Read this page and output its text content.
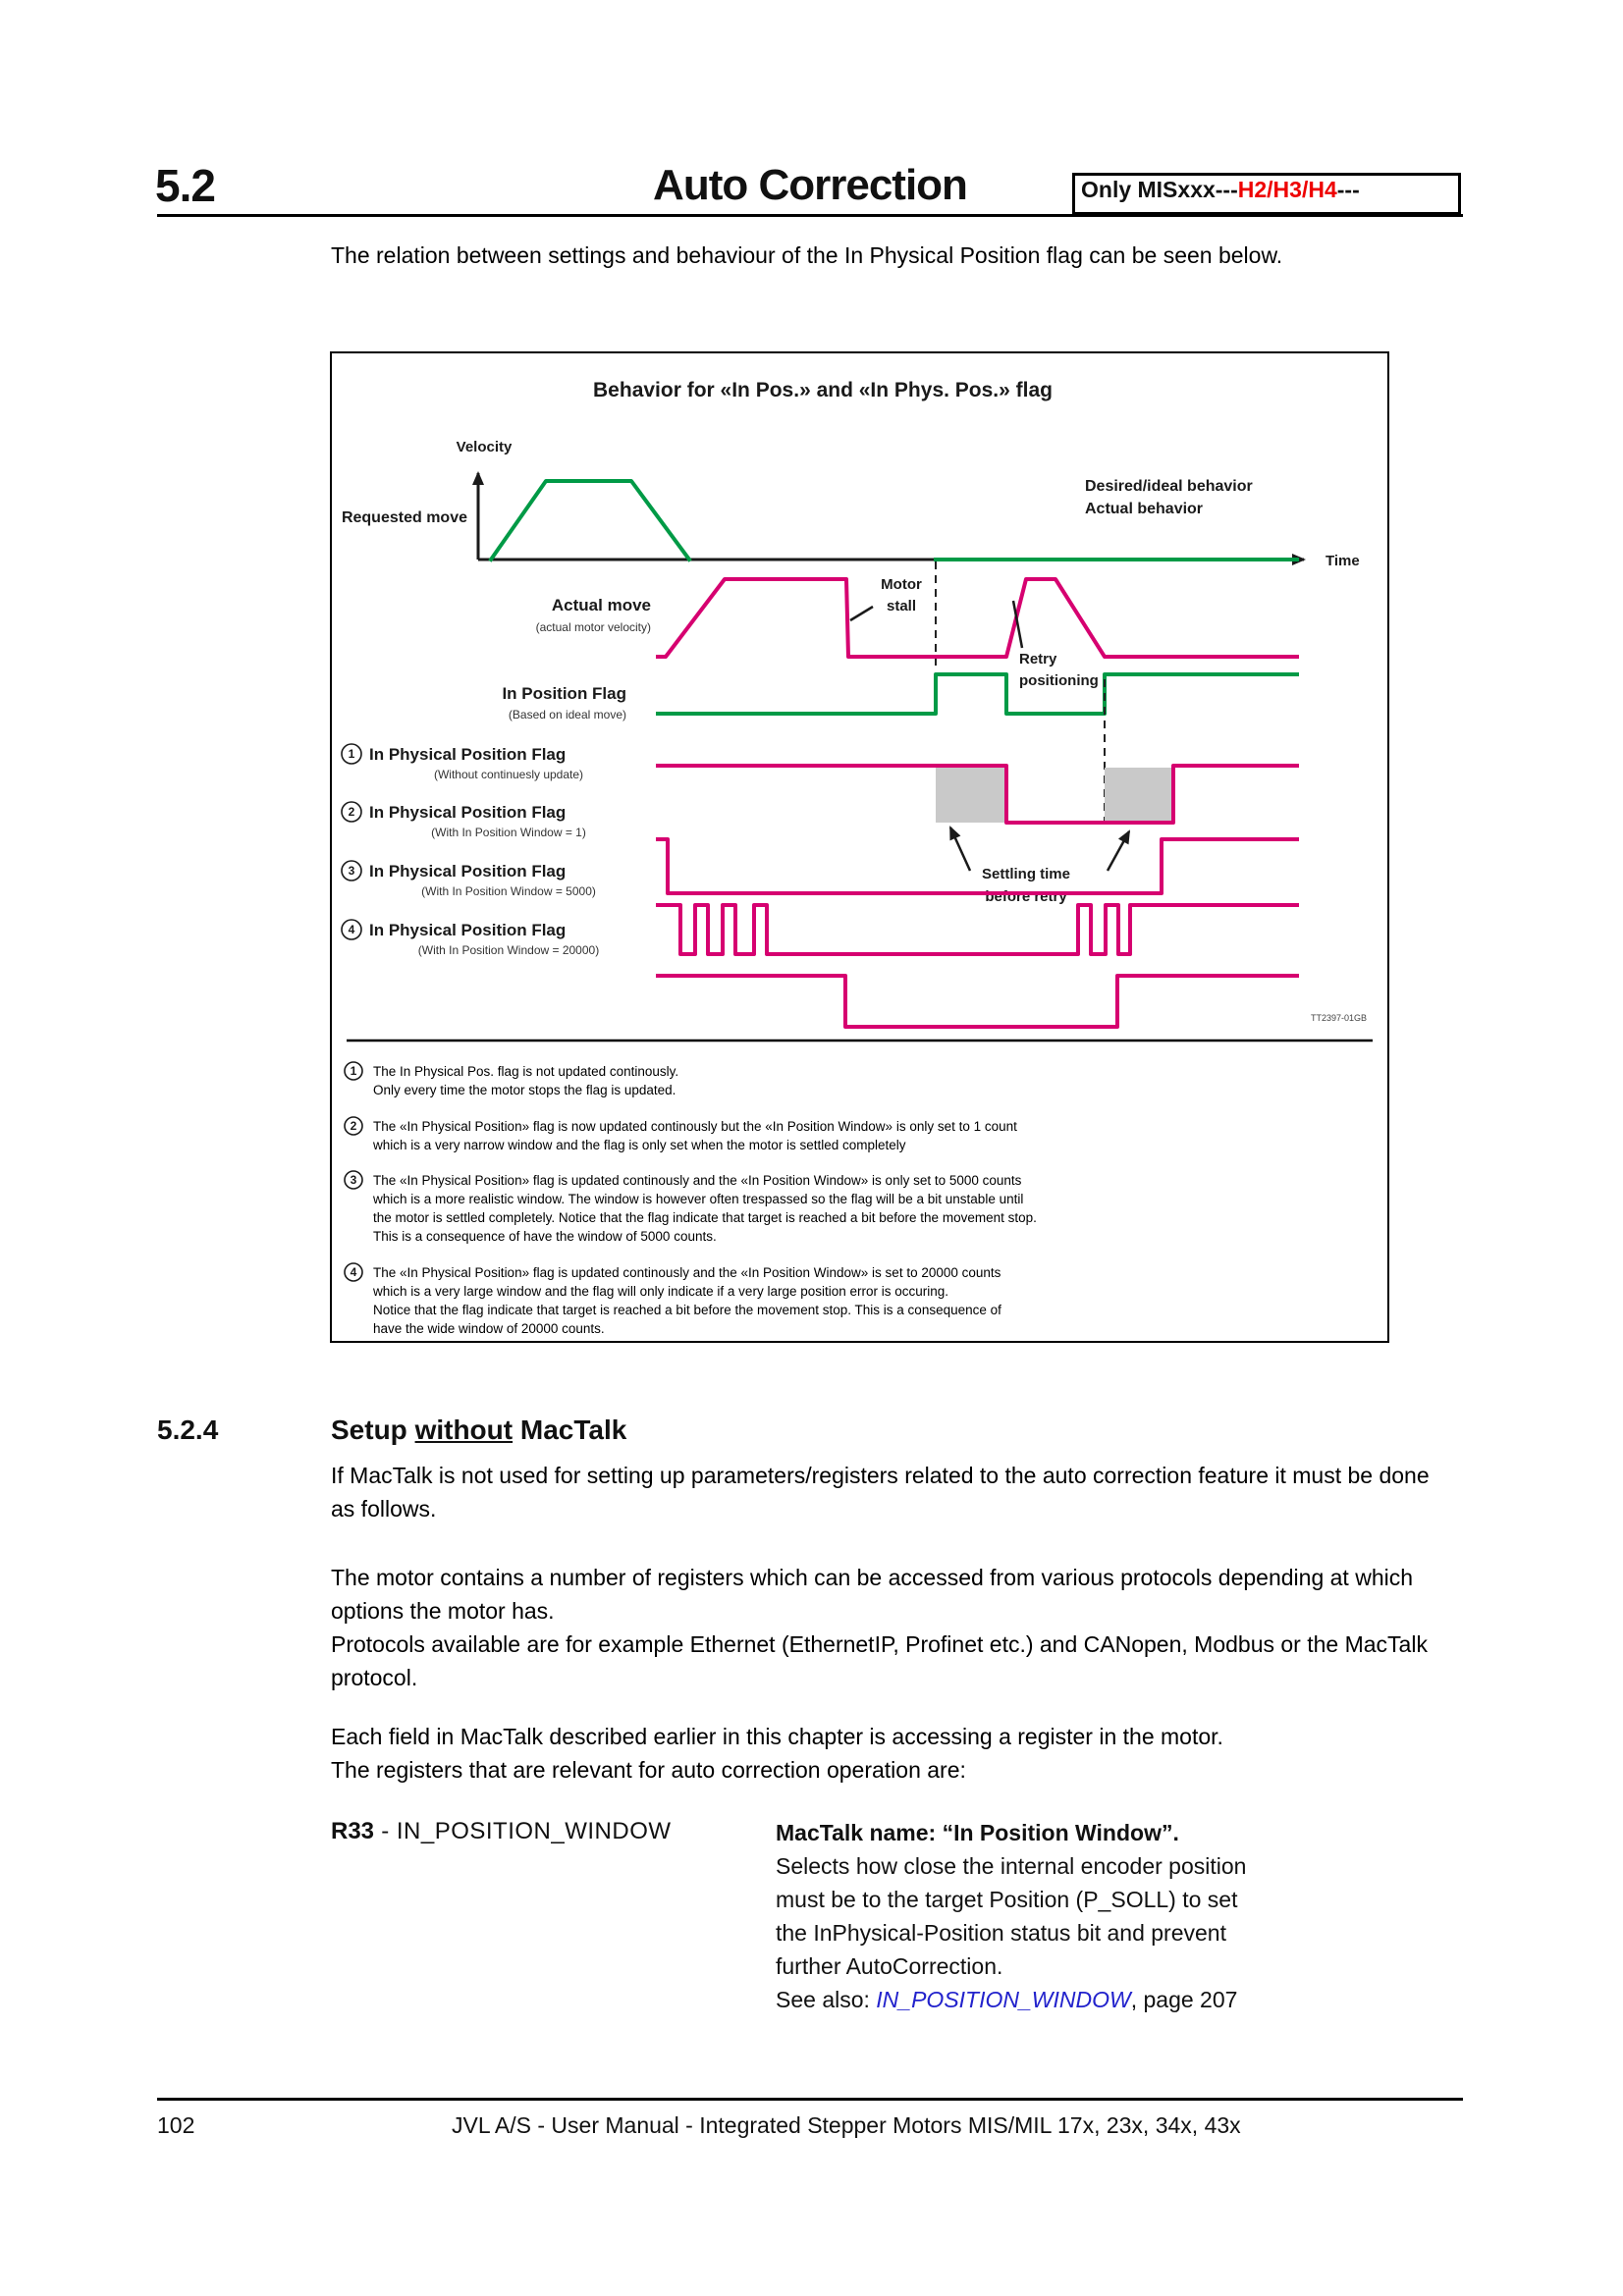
5.2	Auto Correction	Only MISxxx---H2/H3/H4---
The relation between settings and behaviour of the In Physical Position flag can be seen below.
Behavior for «In Pos.» and «In Phys. Pos.» flag
Velocity
Time
Desired/ideal behavior
Actual behavior
Requested move
Actual move
(actual motor velocity)
Motor
stall
Retry
positioning
In Position Flag
(Based on ideal move)
1 In Physical Position Flag
(Without continuesly update)
Settling time
before retry
2 In Physical Position Flag
(With In Position Window = 1)
3 In Physical Position Flag
(With In Position Window = 5000)
4 In Physical Position Flag
(With In Position Window = 20000)
TT2397-01GB
1 The In Physical Pos. flag is not updated continously.
Only every time the motor stops the flag is updated.
2 The «In Physical Position» flag is now updated continously but the «In Position Window» is only set to 1 count
which is a very narrow window and the flag is only set when the motor is settled completely
3 The «In Physical Position» flag is updated continously and the «In Position Window» is only set to 5000 counts
which is a more realistic window. The window is however often trespassed so the flag will be a bit unstable until
the motor is settled completely. Notice that the flag indicate that target is reached a bit before the movement stop.
This is a consequence of have the window of 5000 counts.
4 The «In Physical Position» flag is updated continously and the «In Position Window» is set to 20000 counts
which is a very large window and the flag will only indicate if a very large position error is occuring.
Notice that the flag indicate that target is reached a bit before the movement stop. This is a consequence of
have the wide window of 20000 counts.
5.2.4	Setup without MacTalk
If MacTalk is not used for setting up parameters/registers related to the auto correction feature it must be done as follows.
The motor contains a number of registers which can be accessed from various protocols depending at which options the motor has.
Protocols available are for example Ethernet (EthernetIP, Profinet etc.) and CANopen, Modbus or the MacTalk protocol.
Each field in MacTalk described earlier in this chapter is accessing a register in the motor.
The registers that are relevant for auto correction operation are:
R33 - IN_POSITION_WINDOW	MacTalk name: “In Position Window”.
Selects how close the internal encoder position must be to the target Position (P_SOLL) to set the InPhysical-Position status bit and prevent further AutoCorrection.
See also: IN_POSITION_WINDOW, page 207
102	JVL A/S - User Manual - Integrated Stepper Motors MIS/MIL 17x, 23x, 34x, 43x
